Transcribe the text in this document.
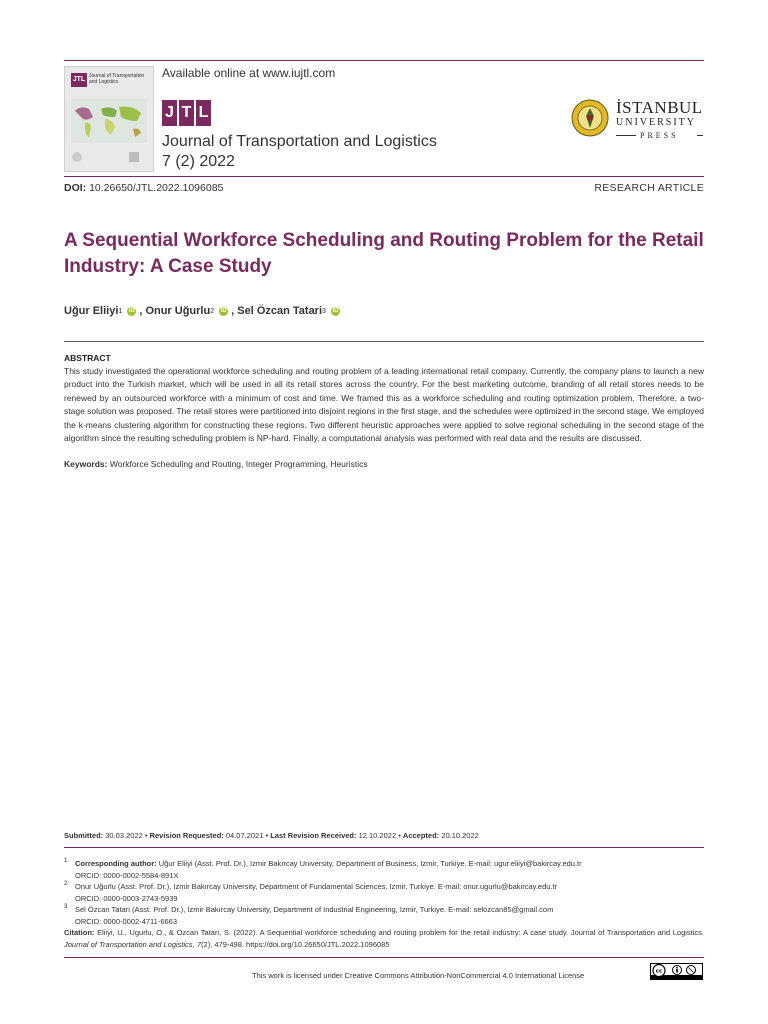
JTL Journal of Transportation and Logistics
Available online at www.iujtl.com
J T L
Journal of Transportation and Logistics
7 (2) 2022
İSTANBUL
UNIVERSITY
PRESS
DOI: 10.26650/JTL.2022.1096085	RESEARCH ARTICLE
A Sequential Workforce Scheduling and Routing Problem for the Retail Industry: A Case Study
Uğur Eliiyi 1 iD , Onur Uğurlu 2 iD , Sel Özcan Tatari 3 iD
ABSTRACT
This study investigated the operational workforce scheduling and routing problem of a leading international retail company. Currently, the company plans to launch a new product into the Turkish market, which will be used in all its retail stores across the country. For the best marketing outcome, branding of all retail stores needs to be renewed by an outsourced workforce with a minimum of cost and time. We framed this as a workforce scheduling and routing optimization problem. Therefore, a two-stage solution was proposed. The retail stores were partitioned into disjoint regions in the first stage, and the schedules were optimized in the second stage. We employed the k-means clustering algorithm for constructing these regions. Two different heuristic approaches were applied to solve regional scheduling in the second stage of the algorithm since the resulting scheduling problem is NP-hard. Finally, a computational analysis was performed with real data and the results are discussed.
Keywords: Workforce Scheduling and Routing, Integer Programming, Heuristics
Submitted: 30.03.2022 • Revision Requested: 04.07.2021 • Last Revision Received: 12.10.2022 • Accepted: 20.10.2022
1 Corresponding author: Uğur Eliiyi (Asst. Prof. Dr.), Izmir Bakırcay University, Department of Business, Izmir, Turkiye. E-mail: ugur.eliiyi@bakircay.edu.tr
ORCID: 0000-0002-5584-891X
2 Onur Uğurlu (Asst. Prof. Dr.), Izmir Bakırcay University, Department of Fundamental Sciences, Izmir, Turkiye. E-mail: onur.ugurlu@bakircay.edu.tr
ORCID: 0000-0003-2743-5939
3 Sel Özcan Tatari (Asst. Prof. Dr.), Izmir Bakırcay University, Department of Industrial Engineering, Izmir, Turkiye. E-mail: selozcan85@gmail.com
ORCID: 0000-0002-4711-6663
Citation: Eliiyi, U., Ugurlu, O., & Ozcan Tatari, S. (2022). A Sequential workforce scheduling and routing problem for the retail industry: A case study. Journal of Transportation and Logistics. Journal of Transportation and Logistics, 7(2), 479-498. https://doi.org/10.26650/JTL.2022.1096085
This work is licensed under Creative Commons Attribution-NonCommercial 4.0 International License	cc
